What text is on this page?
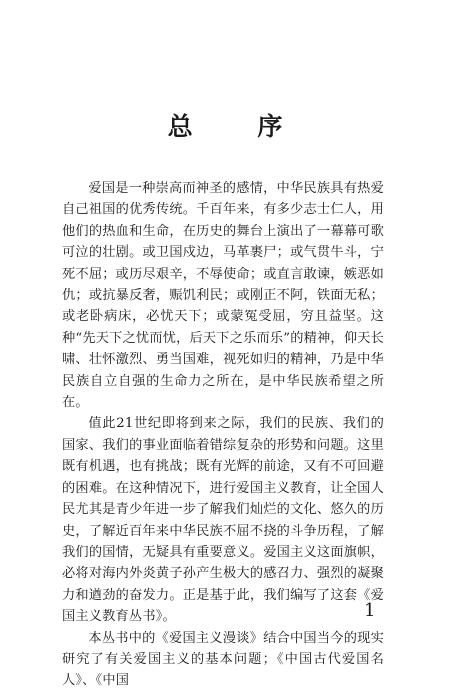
总 序

爱国是一种崇高而神圣的感情，中华民族具有热爱自己祖国的优秀传统。千百年来，有多少志士仁人，用他们的热血和生命，在历史的舞台上演出了一幕幕可歌可泣的壮剧。或卫国戍边，马革裹尸；或气贯牛斗，宁死不屈；或历尽艰辛，不辱使命；或直言敢谏，嫉恶如仇；或抗暴反奢，赈饥利民；或刚正不阿，铁面无私；或老卧病床，必忧天下；或蒙冤受屈，穷且益坚。这种“先天下之忧而忧，后天下之乐而乐”的精神，仰天长啸、壮怀激烈、勇当国难，视死如归的精神，乃是中华民族自立自强的生命力之所在，是中华民族希望之所在。

值此21世纪即将到来之际，我们的民族、我们的国家、我们的事业面临着错综复杂的形势和问题。这里既有机遇，也有挑战；既有光辉的前途，又有不可回避的困难。在这种情况下，进行爱国主义教育，让全国人民尤其是青少年进一步了解我们灿烂的文化、悠久的历史，了解近百年来中华民族不屈不挠的斗争历程，了解我们的国情，无疑具有重要意义。爱国主义这面旗帜，必将对海内外炎黄子孙产生极大的感召力、强烈的凝聚力和遒劲的奋发力。正是基于此，我们编写了这套《爱国主义教育丛书》。

本丛书中的《爱国主义漫谈》结合中国当今的现实研究了有关爱国主义的基本问题；《中国古代爱国名人》、《中国

1
